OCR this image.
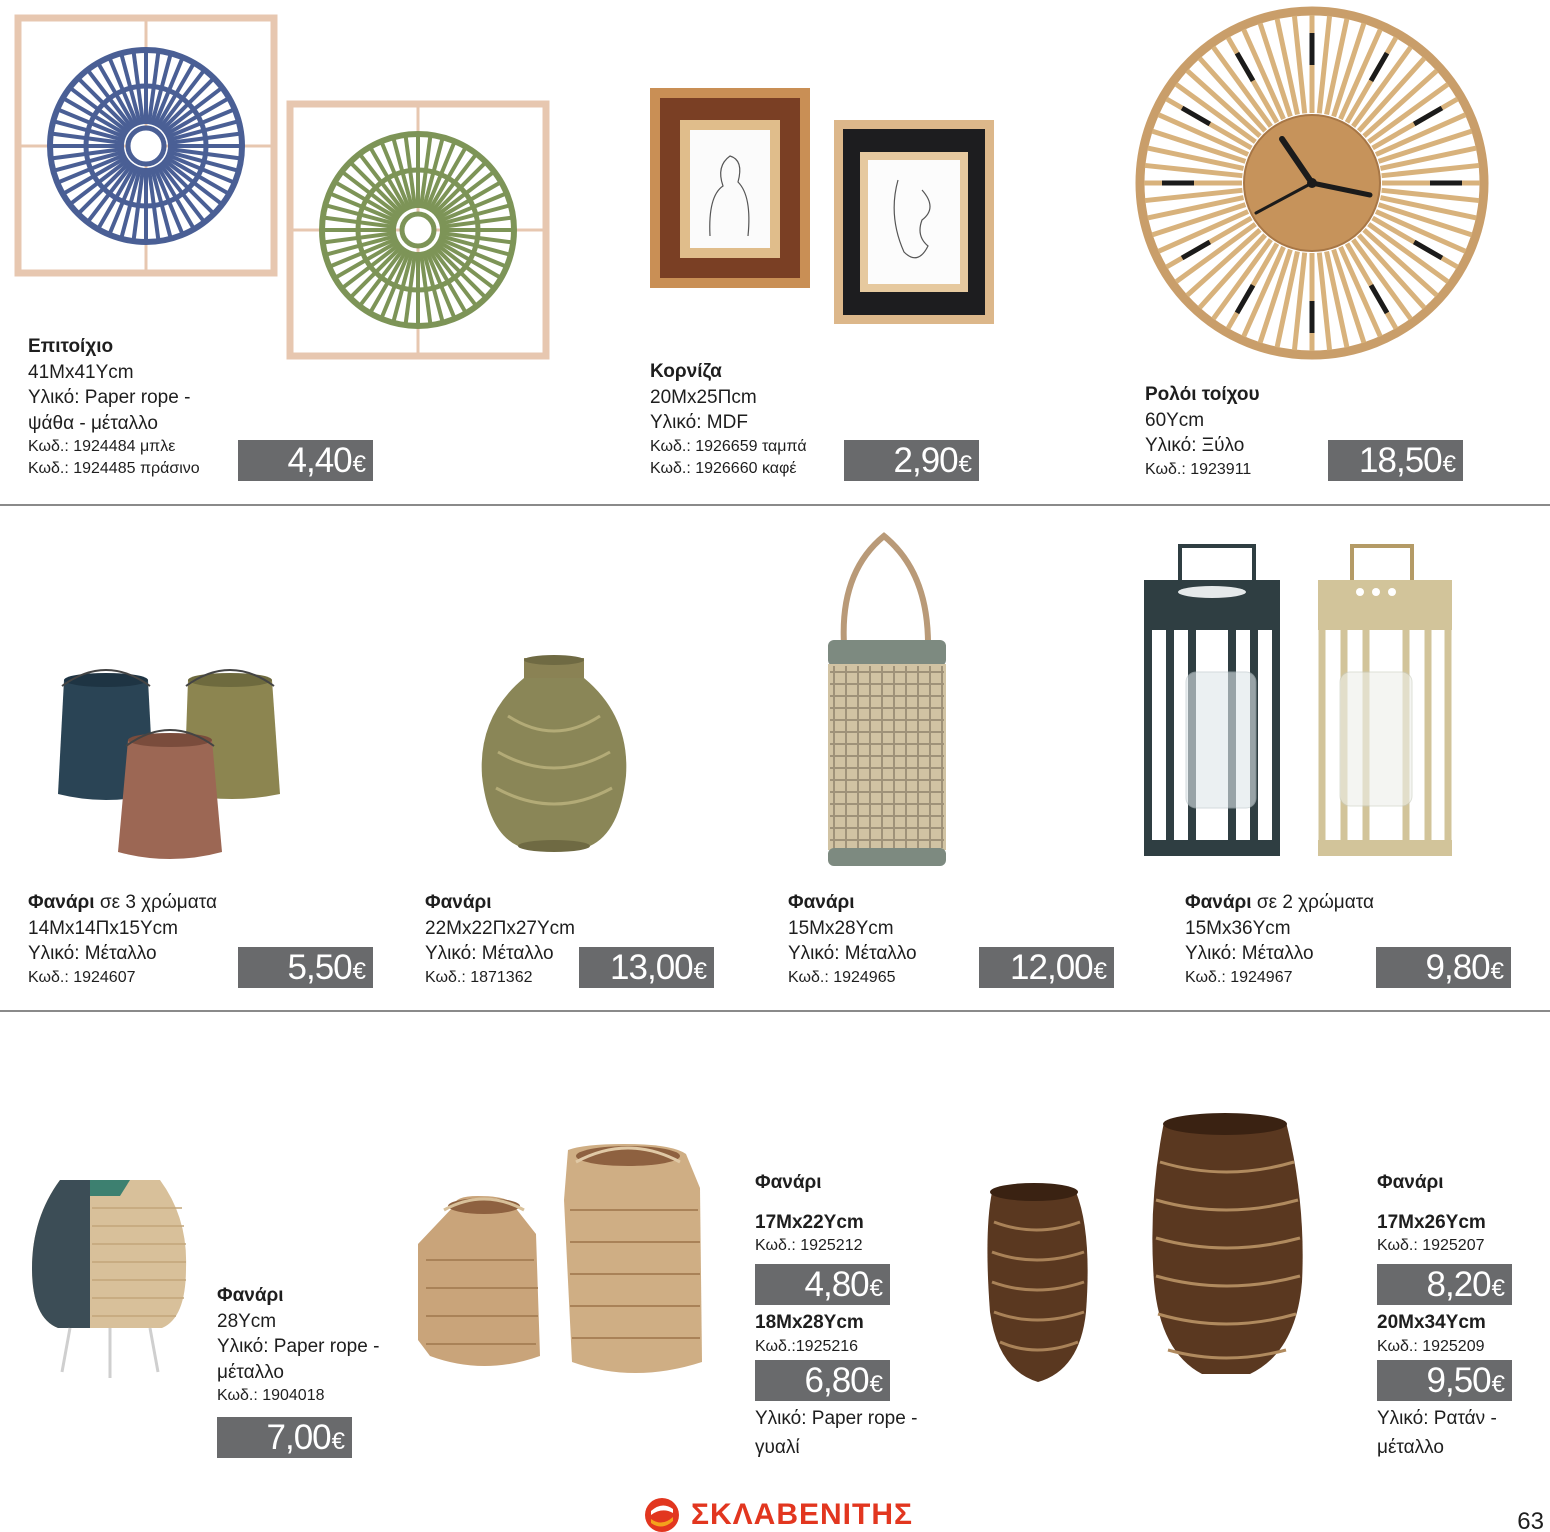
Επιτοίχιο
41Mx41Ycm
Υλικό: Paper rope -
ψάθα - μέταλλο
Κωδ.: 1924484 μπλε
Κωδ.: 1924485 πράσινο	4,40€
Κορνίζα
20Mx25Πcm
Υλικό: MDF
Κωδ.: 1926659 ταμπά
Κωδ.: 1926660 καφέ	2,90€
Ρολόι τοίχου
60Ycm
Υλικό: Ξύλο
Κωδ.: 1923911	18,50€
Φανάρι σε 3 χρώματα
14Mx14Πx15Ycm
Υλικό: Μέταλλο
Κωδ.: 1924607	5,50€
Φανάρι
22Mx22Πx27Ycm
Υλικό: Μέταλλο
Κωδ.: 1871362	13,00€
Φανάρι
15Mx28Ycm
Υλικό: Μέταλλο
Κωδ.: 1924965	12,00€
Φανάρι σε 2 χρώματα
15Mx36Ycm
Υλικό: Μέταλλο
Κωδ.: 1924967	9,80€
Φανάρι
28Ycm
Υλικό: Paper rope -
μέταλλο
Κωδ.: 1904018
7,00€
Φανάρι
17Mx22Ycm
Κωδ.: 1925212
4,80€
18Mx28Ycm
Κωδ.:1925216
6,80€
Υλικό: Paper rope -
γυαλί
Φανάρι
17Mx26Ycm
Κωδ.: 1925207
8,20€
20Mx34Ycm
Κωδ.: 1925209
9,50€
Υλικό: Ρατάν -
μέταλλο
ΣΚΛΑΒΕΝΙΤΗΣ	63
